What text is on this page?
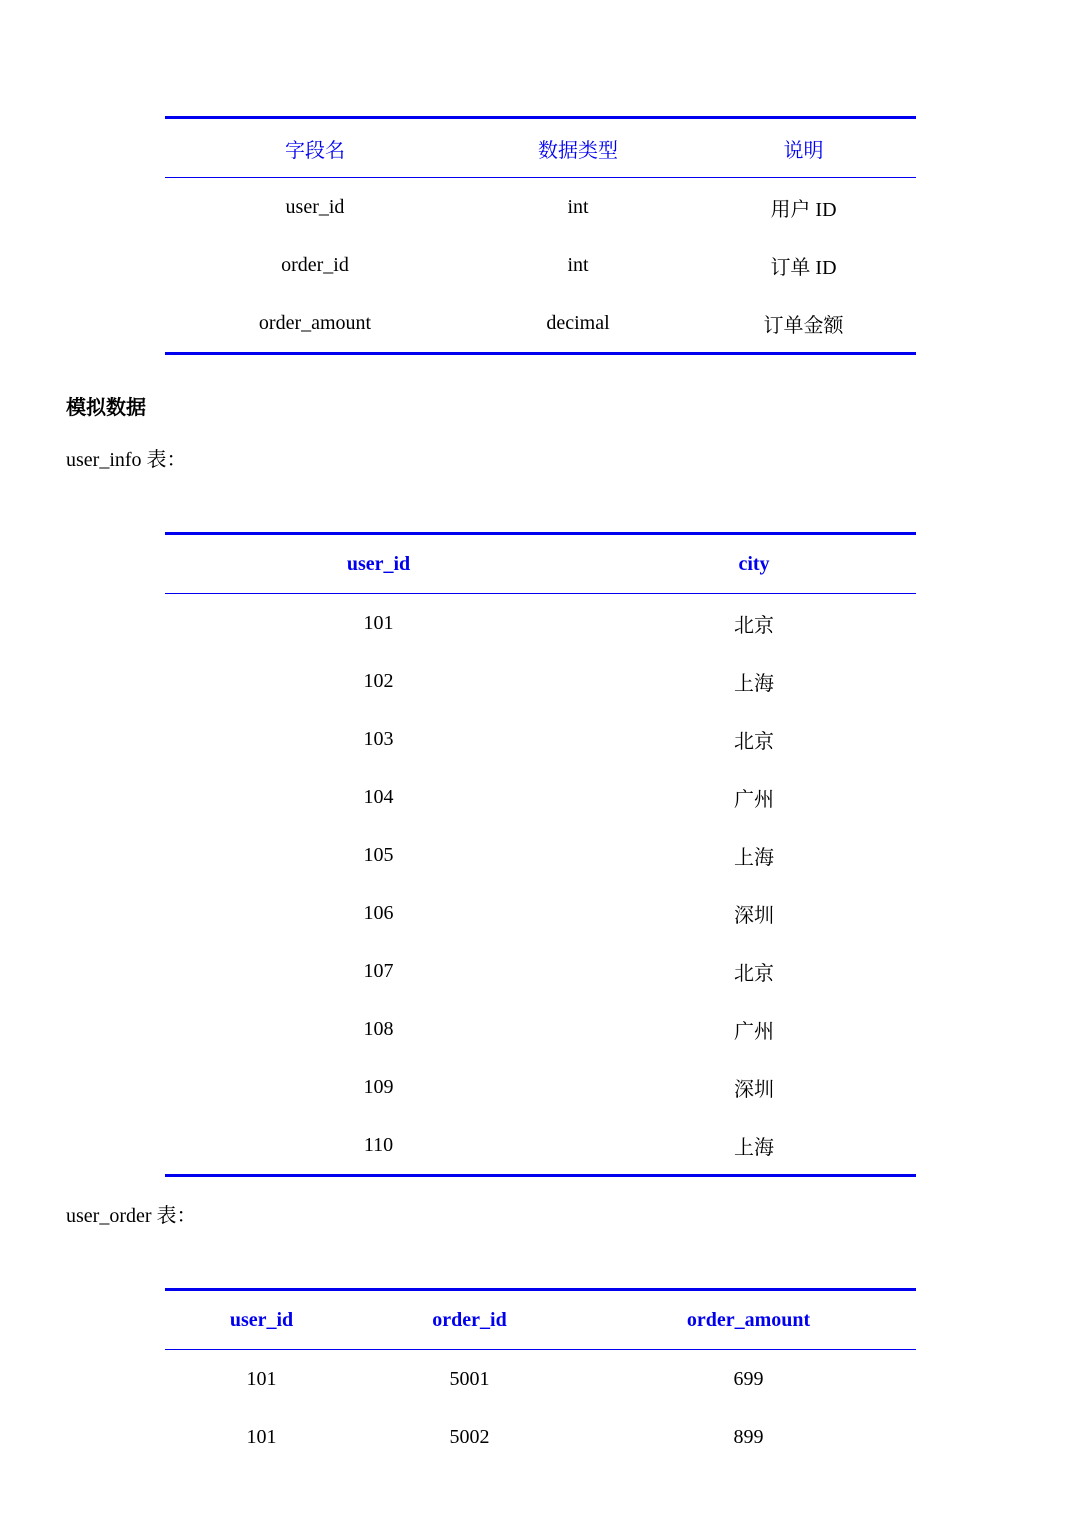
字段名	数据类型	说明
user_id	int	用户 ID
order_id	int	订单 ID
order_amount	decimal	订单金额
模拟数据
user_info 表：
user_id	city
101	北京
102	上海
103	北京
104	广州
105	上海
106	深圳
107	北京
108	广州
109	深圳
110	上海
user_order 表：
user_id	order_id	order_amount
101	5001	699
101	5002	899
